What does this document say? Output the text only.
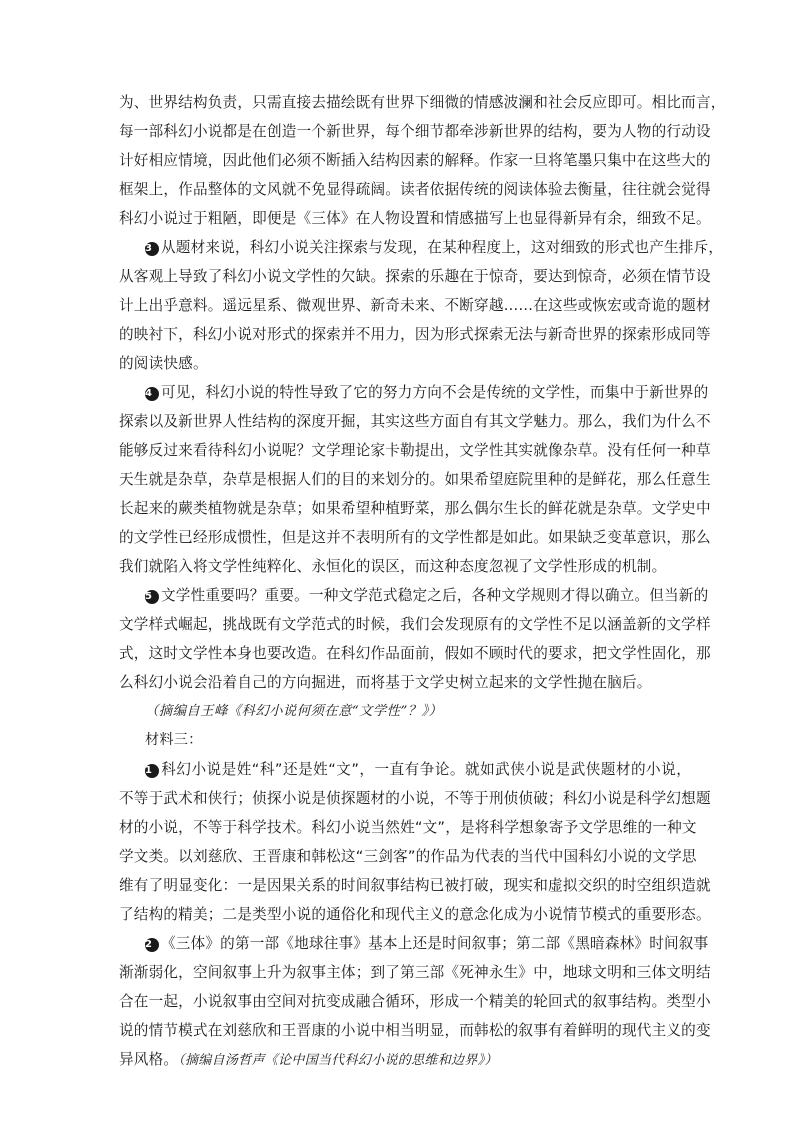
为、世界结构负责，只需直接去描绘既有世界下细微的情感波澜和社会反应即可。相比而言，
每一部科幻小说都是在创造一个新世界，每个细节都牵涉新世界的结构，要为人物的行动设
计好相应情境，因此他们必须不断插入结构因素的解释。作家一旦将笔墨只集中在这些大的
框架上，作品整体的文风就不免显得疏阔。读者依据传统的阅读体验去衡量，往往就会觉得
科幻小说过于粗陋，即便是《三体》在人物设置和情感描写上也显得新异有余，细致不足。
3 从题材来说，科幻小说关注探索与发现，在某种程度上，这对细致的形式也产生排斥，
从客观上导致了科幻小说文学性的欠缺。探索的乐趣在于惊奇，要达到惊奇，必须在情节设
计上出乎意料。遥远星系、微观世界、新奇未来、不断穿越……在这些或恢宏或奇诡的题材
的映衬下，科幻小说对形式的探索并不用力，因为形式探索无法与新奇世界的探索形成同等
的阅读快感。
4 可见，科幻小说的特性导致了它的努力方向不会是传统的文学性，而集中于新世界的
探索以及新世界人性结构的深度开掘，其实这些方面自有其文学魅力。那么，我们为什么不
能够反过来看待科幻小说呢？文学理论家卡勒提出，文学性其实就像杂草。没有任何一种草
天生就是杂草，杂草是根据人们的目的来划分的。如果希望庭院里种的是鲜花，那么任意生
长起来的蕨类植物就是杂草；如果希望种植野菜，那么偶尔生长的鲜花就是杂草。文学史中
的文学性已经形成惯性，但是这并不表明所有的文学性都是如此。如果缺乏变革意识，那么
我们就陷入将文学性纯粹化、永恒化的误区，而这种态度忽视了文学性形成的机制。
5 文学性重要吗？重要。一种文学范式稳定之后，各种文学规则才得以确立。但当新的
文学样式崛起，挑战既有文学范式的时候，我们会发现原有的文学性不足以涵盖新的文学样
式，这时文学性本身也要改造。在科幻作品面前，假如不顾时代的要求，把文学性固化，那
么科幻小说会沿着自己的方向掘进，而将基于文学史树立起来的文学性抛在脑后。
（摘编自王峰《科幻小说何须在意“文学性”？》）
材料三：
1 科幻小说是姓“科”还是姓“文”，一直有争论。就如武侠小说是武侠题材的小说，
不等于武术和侠行；侦探小说是侦探题材的小说，不等于刑侦侦破；科幻小说是科学幻想题
材的小说，不等于科学技术。科幻小说当然姓“文”，是将科学想象寄予文学思维的一种文
学文类。以刘慈欣、王晋康和韩松这“三剑客”的作品为代表的当代中国科幻小说的文学思
维有了明显变化：一是因果关系的时间叙事结构已被打破，现实和虚拟交织的时空组织造就
了结构的精美；二是类型小说的通俗化和现代主义的意念化成为小说情节模式的重要形态。
2 《三体》的第一部《地球往事》基本上还是时间叙事；第二部《黑暗森林》时间叙事
渐渐弱化，空间叙事上升为叙事主体；到了第三部《死神永生》中，地球文明和三体文明结
合在一起，小说叙事由空间对抗变成融合循环，形成一个精美的轮回式的叙事结构。类型小
说的情节模式在刘慈欣和王晋康的小说中相当明显，而韩松的叙事有着鲜明的现代主义的变
异风格。（摘编自汤哲声《论中国当代科幻小说的思维和边界》）
